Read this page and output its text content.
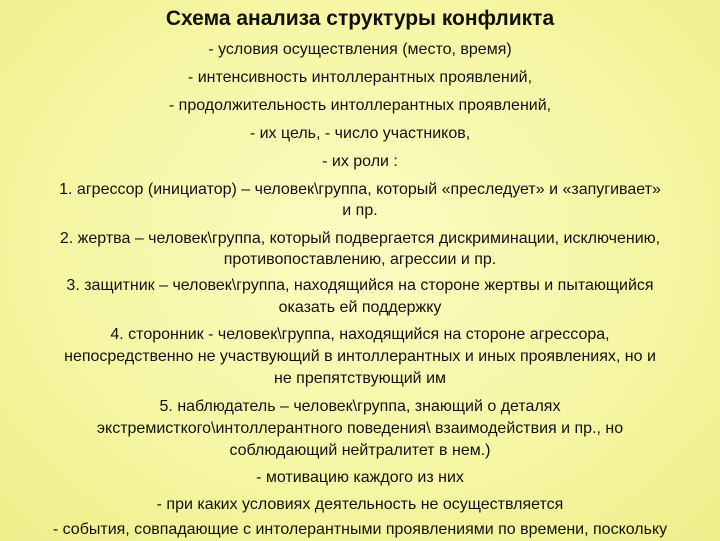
Схема анализа структуры конфликта
- условия осуществления (место, время)
- интенсивность интоллерантных проявлений,
- продолжительность интоллерантных проявлений,
- их цель, - число участников,
- их роли :
1. агрессор (инициатор) – человек\группа, который «преследует» и «запугивает»
и пр.
2. жертва – человек\группа, который подвергается дискриминации, исключению,
противопоставлению, агрессии и пр.
3. защитник – человек\группа, находящийся на стороне жертвы и пытающийся
оказать ей поддержку
4. сторонник - человек\группа, находящийся на стороне агрессора,
непосредственно не участвующий в интоллерантных и иных проявлениях, но и
не препятствующий им
5. наблюдатель – человек\группа, знающий о деталях
экстремисткого\интоллерантного поведения\ взаимодействия и пр., но
соблюдающий нейтралитет в нем.)
- мотивацию каждого из них
- при каких условиях деятельность не осуществляется
- события, совпадающие с интолерантными проявлениями по времени, поскольку
